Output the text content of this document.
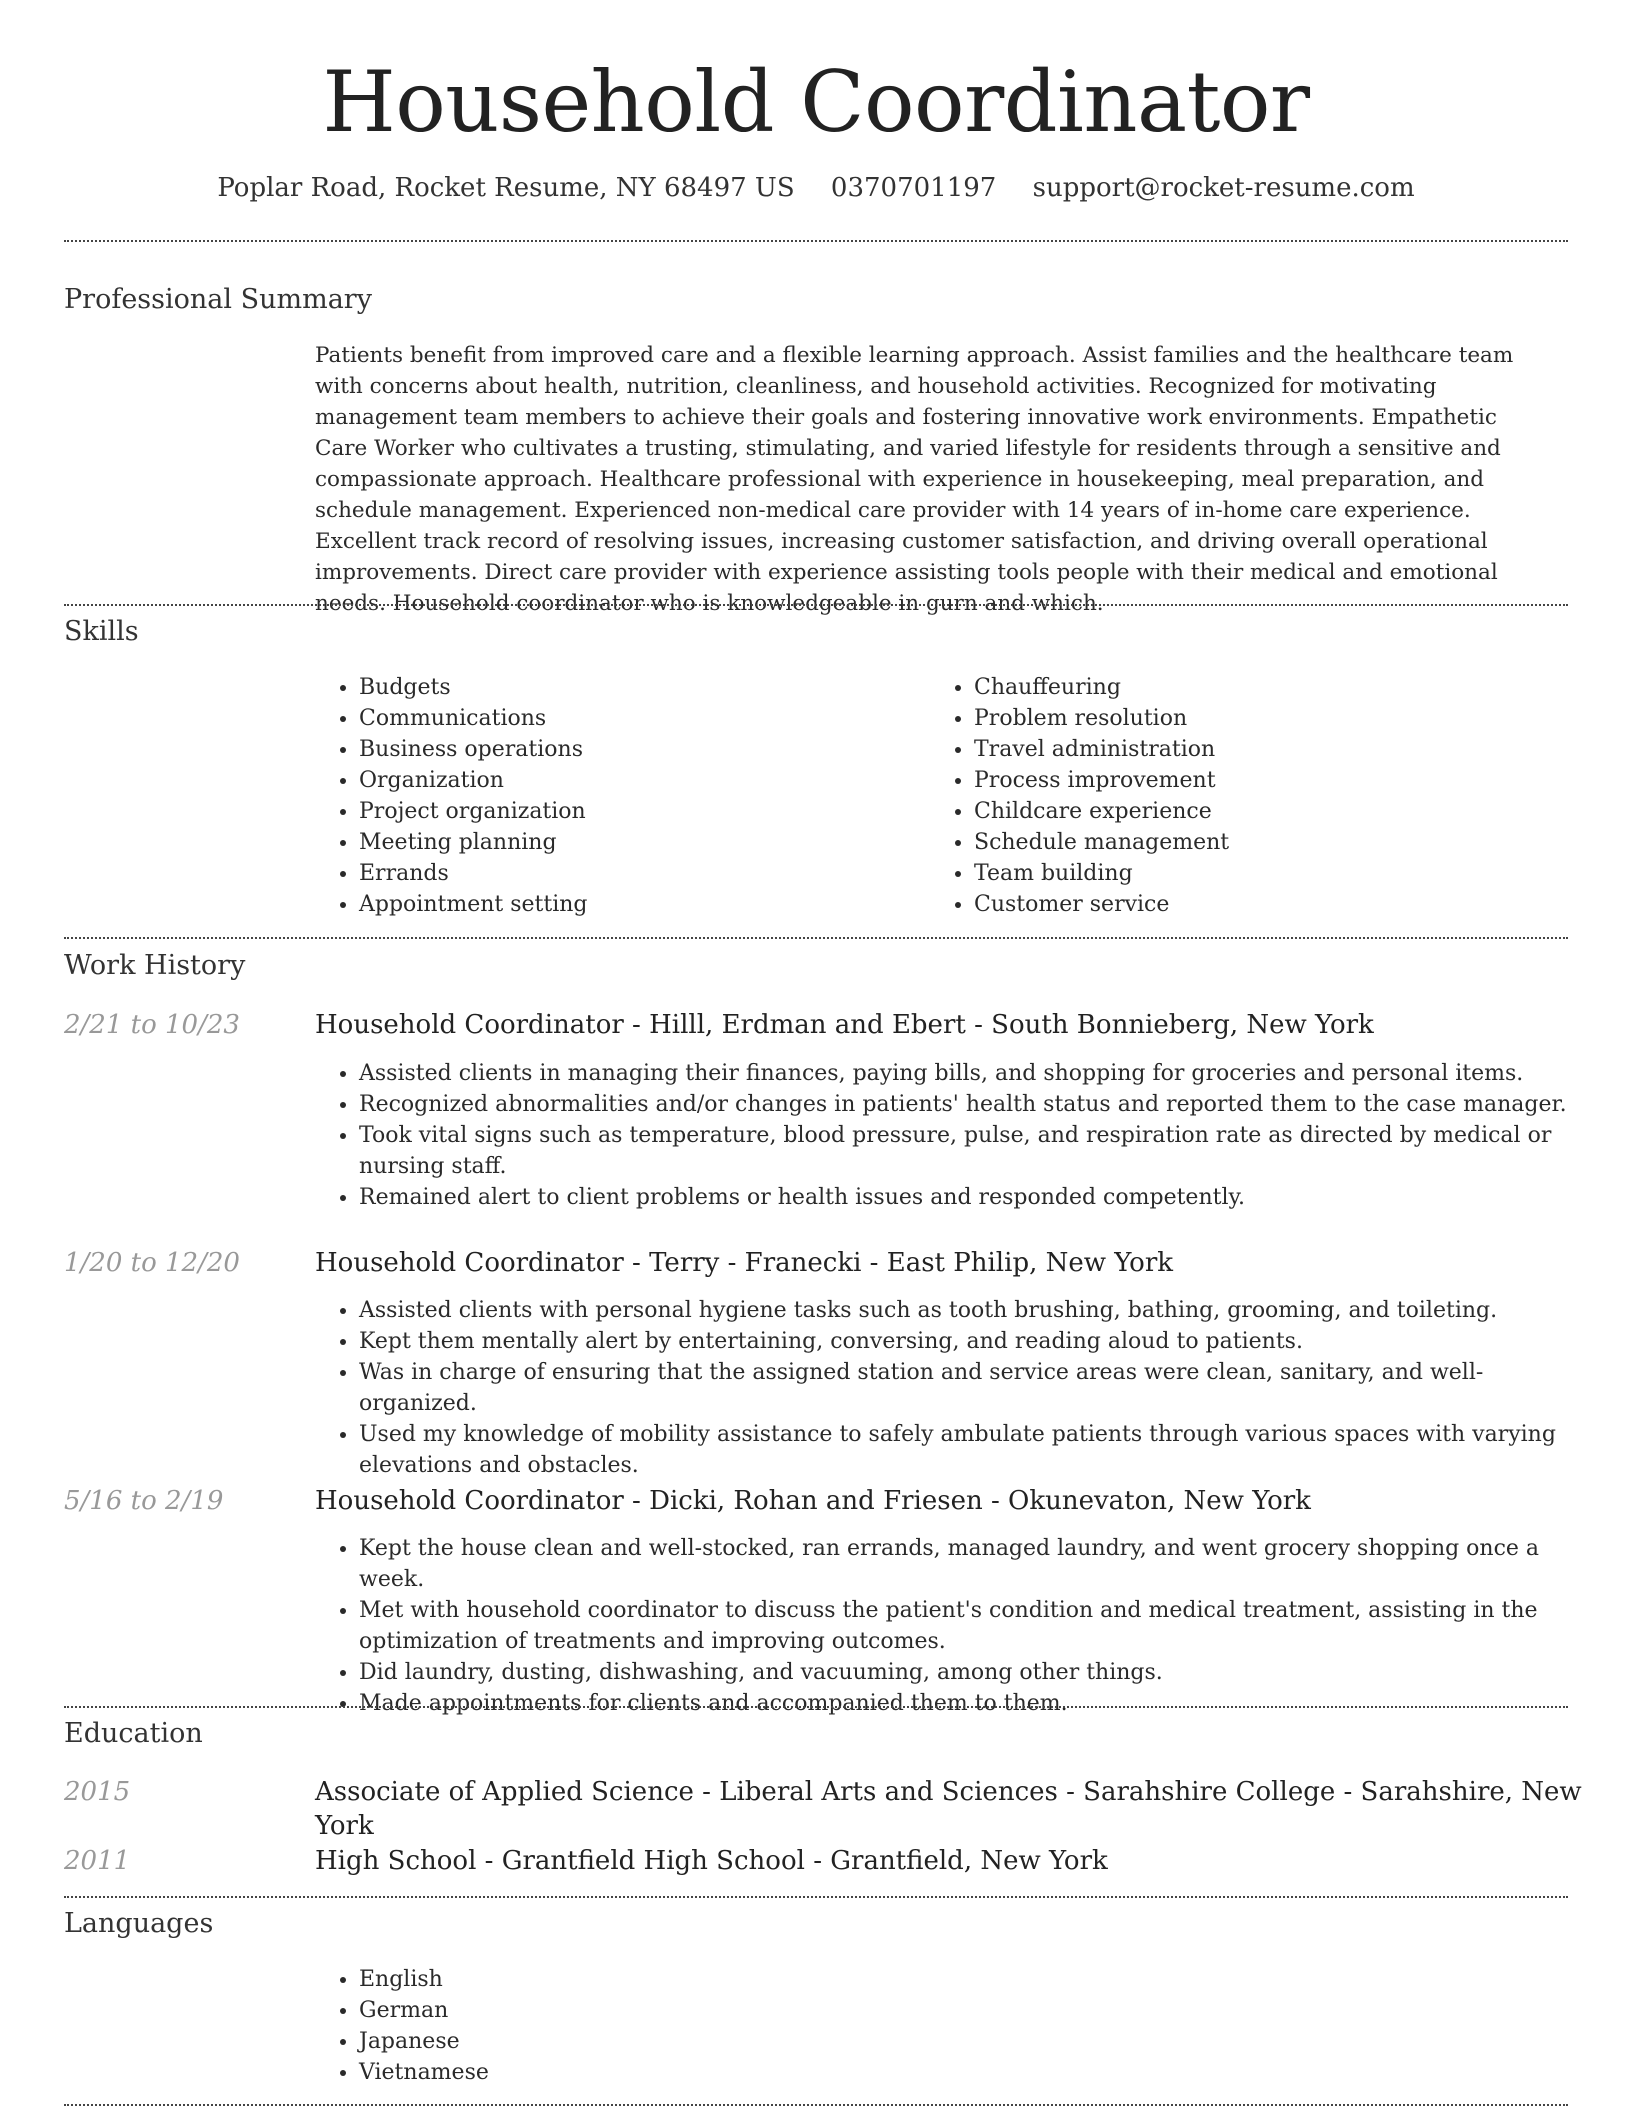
Household Coordinator
Poplar Road, Rocket Resume, NY 68497 US 0370701197 support@rocket-resume.com
Professional Summary
Patients benefit from improved care and a flexible learning approach. Assist families and the healthcare team with concerns about health, nutrition, cleanliness, and household activities. Recognized for motivating management team members to achieve their goals and fostering innovative work environments. Empathetic Care Worker who cultivates a trusting, stimulating, and varied lifestyle for residents through a sensitive and compassionate approach. Healthcare professional with experience in housekeeping, meal preparation, and schedule management. Experienced non-medical care provider with 14 years of in-home care experience. Excellent track record of resolving issues, increasing customer satisfaction, and driving overall operational improvements. Direct care provider with experience assisting tools people with their medical and emotional needs. Household coordinator who is knowledgeable in gurn and which.
Skills
• Budgets
• Communications
• Business operations
• Organization
• Project organization
• Meeting planning
• Errands
• Appointment setting
• Chauffeuring
• Problem resolution
• Travel administration
• Process improvement
• Childcare experience
• Schedule management
• Team building
• Customer service
Work History
2/21 to 10/23	Household Coordinator - Hilll, Erdman and Ebert - South Bonnieberg, New York
• Assisted clients in managing their finances, paying bills, and shopping for groceries and personal items.
• Recognized abnormalities and/or changes in patients' health status and reported them to the case manager.
• Took vital signs such as temperature, blood pressure, pulse, and respiration rate as directed by medical or nursing staff.
• Remained alert to client problems or health issues and responded competently.
1/20 to 12/20	Household Coordinator - Terry - Franecki - East Philip, New York
• Assisted clients with personal hygiene tasks such as tooth brushing, bathing, grooming, and toileting.
• Kept them mentally alert by entertaining, conversing, and reading aloud to patients.
• Was in charge of ensuring that the assigned station and service areas were clean, sanitary, and well-organized.
• Used my knowledge of mobility assistance to safely ambulate patients through various spaces with varying elevations and obstacles.
5/16 to 2/19	Household Coordinator - Dicki, Rohan and Friesen - Okunevaton, New York
• Kept the house clean and well-stocked, ran errands, managed laundry, and went grocery shopping once a week.
• Met with household coordinator to discuss the patient's condition and medical treatment, assisting in the optimization of treatments and improving outcomes.
• Did laundry, dusting, dishwashing, and vacuuming, among other things.
• Made appointments for clients and accompanied them to them.
Education
2015	Associate of Applied Science - Liberal Arts and Sciences - Sarahshire College - Sarahshire, New York
2011	High School - Grantfield High School - Grantfield, New York
Languages
• English
• German
• Japanese
• Vietnamese
